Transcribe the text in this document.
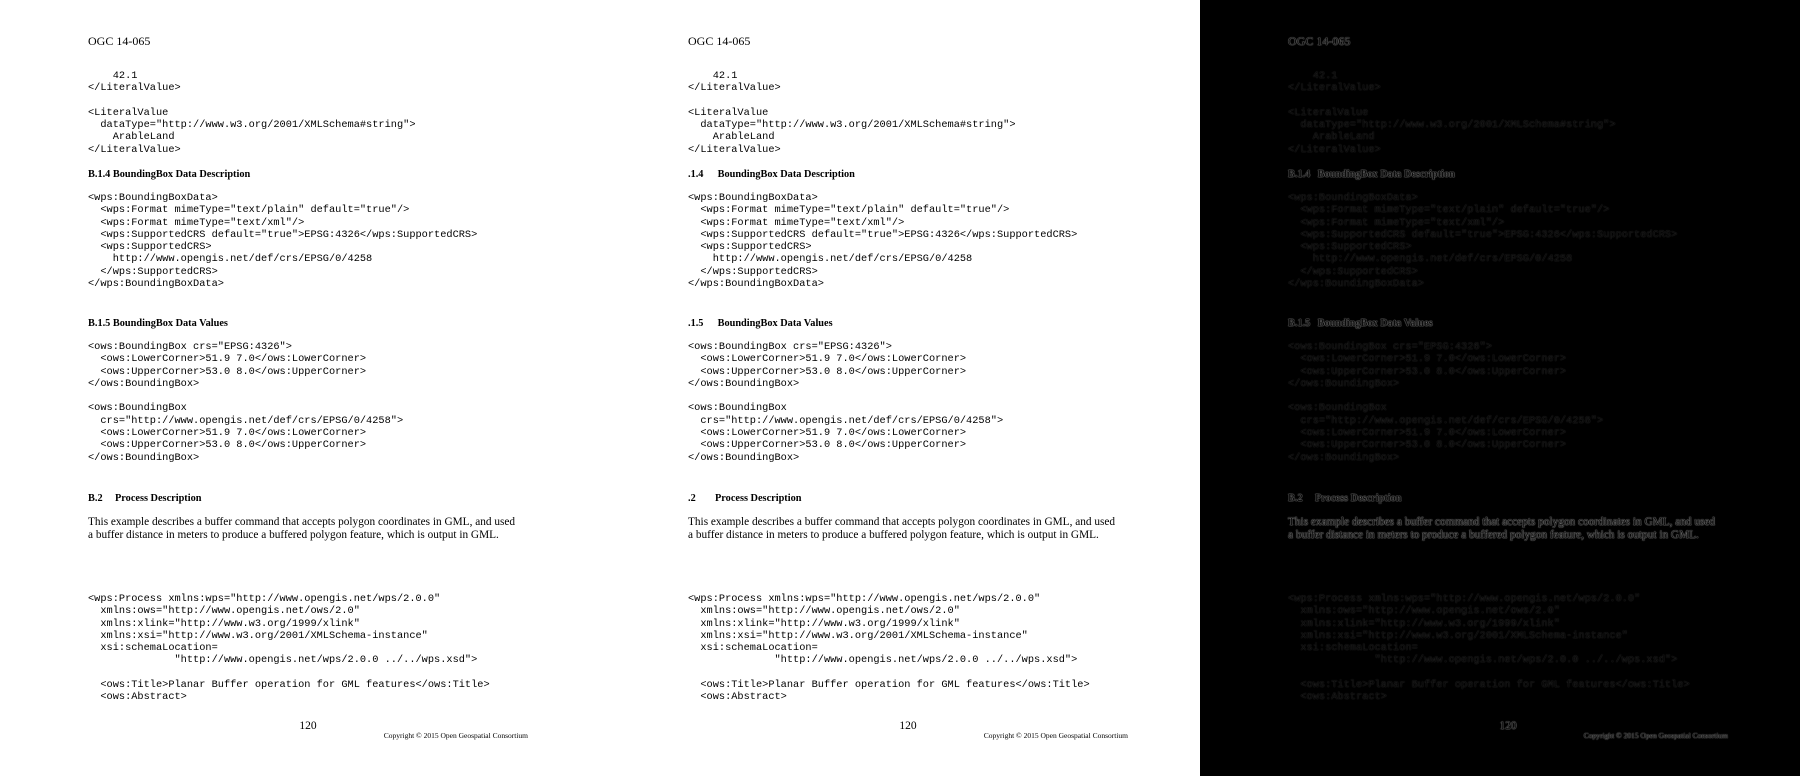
OGC 14-065
42.1
</LiteralValue>

<LiteralValue
dataType="http://www.w3.org/2001/XMLSchema#string">
ArableLand
</LiteralValue>
B.1.4 BoundingBox Data Description
<wps:BoundingBoxData>
<wps:Format mimeType="text/plain" default="true"/>
<wps:Format mimeType="text/xml"/>
<wps:SupportedCRS default="true">EPSG:4326</wps:SupportedCRS>
<wps:SupportedCRS>
http://www.opengis.net/def/crs/EPSG/0/4258
</wps:SupportedCRS>
</wps:BoundingBoxData>
B.1.5 BoundingBox Data Values
<ows:BoundingBox crs="EPSG:4326">
<ows:LowerCorner>51.9 7.0</ows:LowerCorner>
<ows:UpperCorner>53.0 8.0</ows:UpperCorner>
</ows:BoundingBox>

<ows:BoundingBox
crs="http://www.opengis.net/def/crs/EPSG/0/4258">
<ows:LowerCorner>51.9 7.0</ows:LowerCorner>
<ows:UpperCorner>53.0 8.0</ows:UpperCorner>
</ows:BoundingBox>
B.2 Process Description

This example describes a buffer command that accepts polygon coordinates in GML, and used a buffer distance in meters to produce a buffered polygon feature, which is output in GML.

<wps:Process xmlns:wps="http://www.opengis.net/wps/2.0.0"
xmlns:ows="http://www.opengis.net/ows/2.0"
xmlns:xlink="http://www.w3.org/1999/xlink"
xmlns:xsi="http://www.w3.org/2001/XMLSchema-instance"
xsi:schemaLocation=
"http://www.opengis.net/wps/2.0.0 ../../wps.xsd">

<ows:Title>Planar Buffer operation for GML features</ows:Title>
<ows:Abstract>
120
Copyright © 2015 Open Geospatial Consortium
OGC 14-065
42.1
</LiteralValue>

<LiteralValue
dataType="http://www.w3.org/2001/XMLSchema#string">
ArableLand
</LiteralValue>
.1.4 BoundingBox Data Description
<wps:BoundingBoxData>
<wps:Format mimeType="text/plain" default="true"/>
<wps:Format mimeType="text/xml"/>
<wps:SupportedCRS default="true">EPSG:4326</wps:SupportedCRS>
<wps:SupportedCRS>
http://www.opengis.net/def/crs/EPSG/0/4258
</wps:SupportedCRS>
</wps:BoundingBoxData>
.1.5 BoundingBox Data Values
<ows:BoundingBox crs="EPSG:4326">
<ows:LowerCorner>51.9 7.0</ows:LowerCorner>
<ows:UpperCorner>53.0 8.0</ows:UpperCorner>
</ows:BoundingBox>

<ows:BoundingBox
crs="http://www.opengis.net/def/crs/EPSG/0/4258">
<ows:LowerCorner>51.9 7.0</ows:LowerCorner>
<ows:UpperCorner>53.0 8.0</ows:UpperCorner>
</ows:BoundingBox>
.2 Process Description

This example describes a buffer command that accepts polygon coordinates in GML, and used a buffer distance in meters to produce a buffered polygon feature, which is output in GML.

<wps:Process xmlns:wps="http://www.opengis.net/wps/2.0.0"
xmlns:ows="http://www.opengis.net/ows/2.0"
xmlns:xlink="http://www.w3.org/1999/xlink"
xmlns:xsi="http://www.w3.org/2001/XMLSchema-instance"
xsi:schemaLocation=
"http://www.opengis.net/wps/2.0.0 ../../wps.xsd">

<ows:Title>Planar Buffer operation for GML features</ows:Title>
<ows:Abstract>
120
Copyright © 2015 Open Geospatial Consortium
OGC 14-065
42.1
</LiteralValue>

<LiteralValue
dataType="http://www.w3.org/2001/XMLSchema#string">
ArableLand
</LiteralValue>
B.1.4 BoundingBox Data Description
<wps:BoundingBoxData>
<wps:Format mimeType="text/plain" default="true"/>
<wps:Format mimeType="text/xml"/>
<wps:SupportedCRS default="true">EPSG:4326</wps:SupportedCRS>
<wps:SupportedCRS>
http://www.opengis.net/def/crs/EPSG/0/4258
</wps:SupportedCRS>
</wps:BoundingBoxData>
B.1.5 BoundingBox Data Values
<ows:BoundingBox crs="EPSG:4326">
<ows:LowerCorner>51.9 7.0</ows:LowerCorner>
<ows:UpperCorner>53.0 8.0</ows:UpperCorner>
</ows:BoundingBox>

<ows:BoundingBox
crs="http://www.opengis.net/def/crs/EPSG/0/4258">
<ows:LowerCorner>51.9 7.0</ows:LowerCorner>
<ows:UpperCorner>53.0 8.0</ows:UpperCorner>
</ows:BoundingBox>
B.2 Process Description

This example describes a buffer command that accepts polygon coordinates in GML, and used a buffer distance in meters to produce a buffered polygon feature, which is output in GML.

<wps:Process xmlns:wps="http://www.opengis.net/wps/2.0.0"
xmlns:ows="http://www.opengis.net/ows/2.0"
xmlns:xlink="http://www.w3.org/1999/xlink"
xmlns:xsi="http://www.w3.org/2001/XMLSchema-instance"
xsi:schemaLocation=
"http://www.opengis.net/wps/2.0.0 ../../wps.xsd">

<ows:Title>Planar Buffer operation for GML features</ows:Title>
<ows:Abstract>
120
Copyright © 2015 Open Geospatial Consortium
